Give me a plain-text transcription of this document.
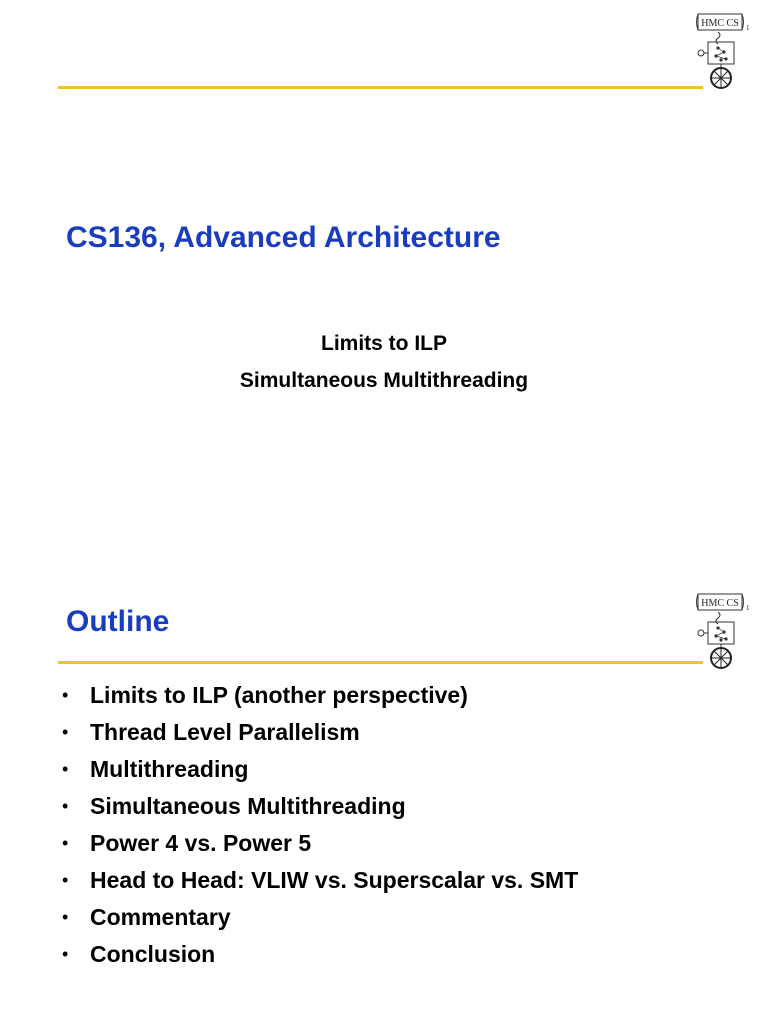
HMC CS 1
CS136, Advanced Architecture

Limits to ILP

Simultaneous Multithreading

HMC CS 1
Outline
• Limits to ILP (another perspective)
• Thread Level Parallelism
• Multithreading
• Simultaneous Multithreading
• Power 4 vs. Power 5
• Head to Head: VLIW vs. Superscalar vs. SMT
• Commentary
• Conclusion
